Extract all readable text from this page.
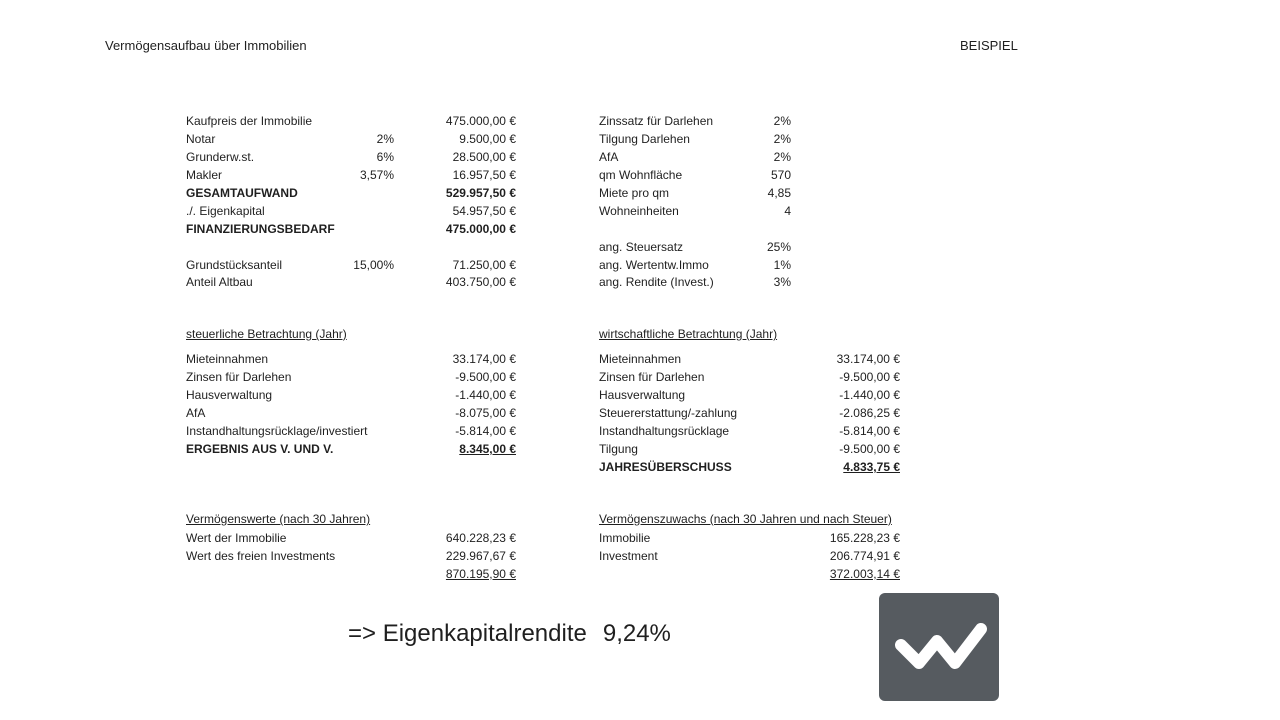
Vermögensaufbau über Immobilien	BEISPIEL
Kaufpreis der Immobilie	475.000,00 €
Notar	2%	9.500,00 €
Grunderw.st.	6%	28.500,00 €
Makler	3,57%	16.957,50 €
GESAMTAUFWAND	529.957,50 €
./. Eigenkapital	54.957,50 €
FINANZIERUNGSBEDARF	475.000,00 €
Grundstücksanteil	15,00%	71.250,00 €
Anteil Altbau	403.750,00 €
Zinssatz für Darlehen	2%
Tilgung Darlehen	2%
AfA	2%
qm Wohnfläche	570
Miete pro qm	4,85
Wohneinheiten	4
ang. Steuersatz	25%
ang. Wertentw.Immo	1%
ang. Rendite (Invest.)	3%
steuerliche Betrachtung (Jahr)
Mieteinnahmen	33.174,00 €
Zinsen für Darlehen	-9.500,00 €
Hausverwaltung	-1.440,00 €
AfA	-8.075,00 €
Instandhaltungsrücklage/investiert	-5.814,00 €
ERGEBNIS AUS V. UND V.	8.345,00 €
wirtschaftliche Betrachtung (Jahr)
Mieteinnahmen	33.174,00 €
Zinsen für Darlehen	-9.500,00 €
Hausverwaltung	-1.440,00 €
Steuererstattung/-zahlung	-2.086,25 €
Instandhaltungsrücklage	-5.814,00 €
Tilgung	-9.500,00 €
JAHRESÜBERSCHUSS	4.833,75 €
Vermögenswerte (nach 30 Jahren)
Wert der Immobilie	640.228,23 €
Wert des freien Investments	229.967,67 €
870.195,90 €
Vermögenszuwachs (nach 30 Jahren und nach Steuer)
Immobilie	165.228,23 €
Investment	206.774,91 €
372.003,14 €
=> Eigenkapitalrendite 9,24%
